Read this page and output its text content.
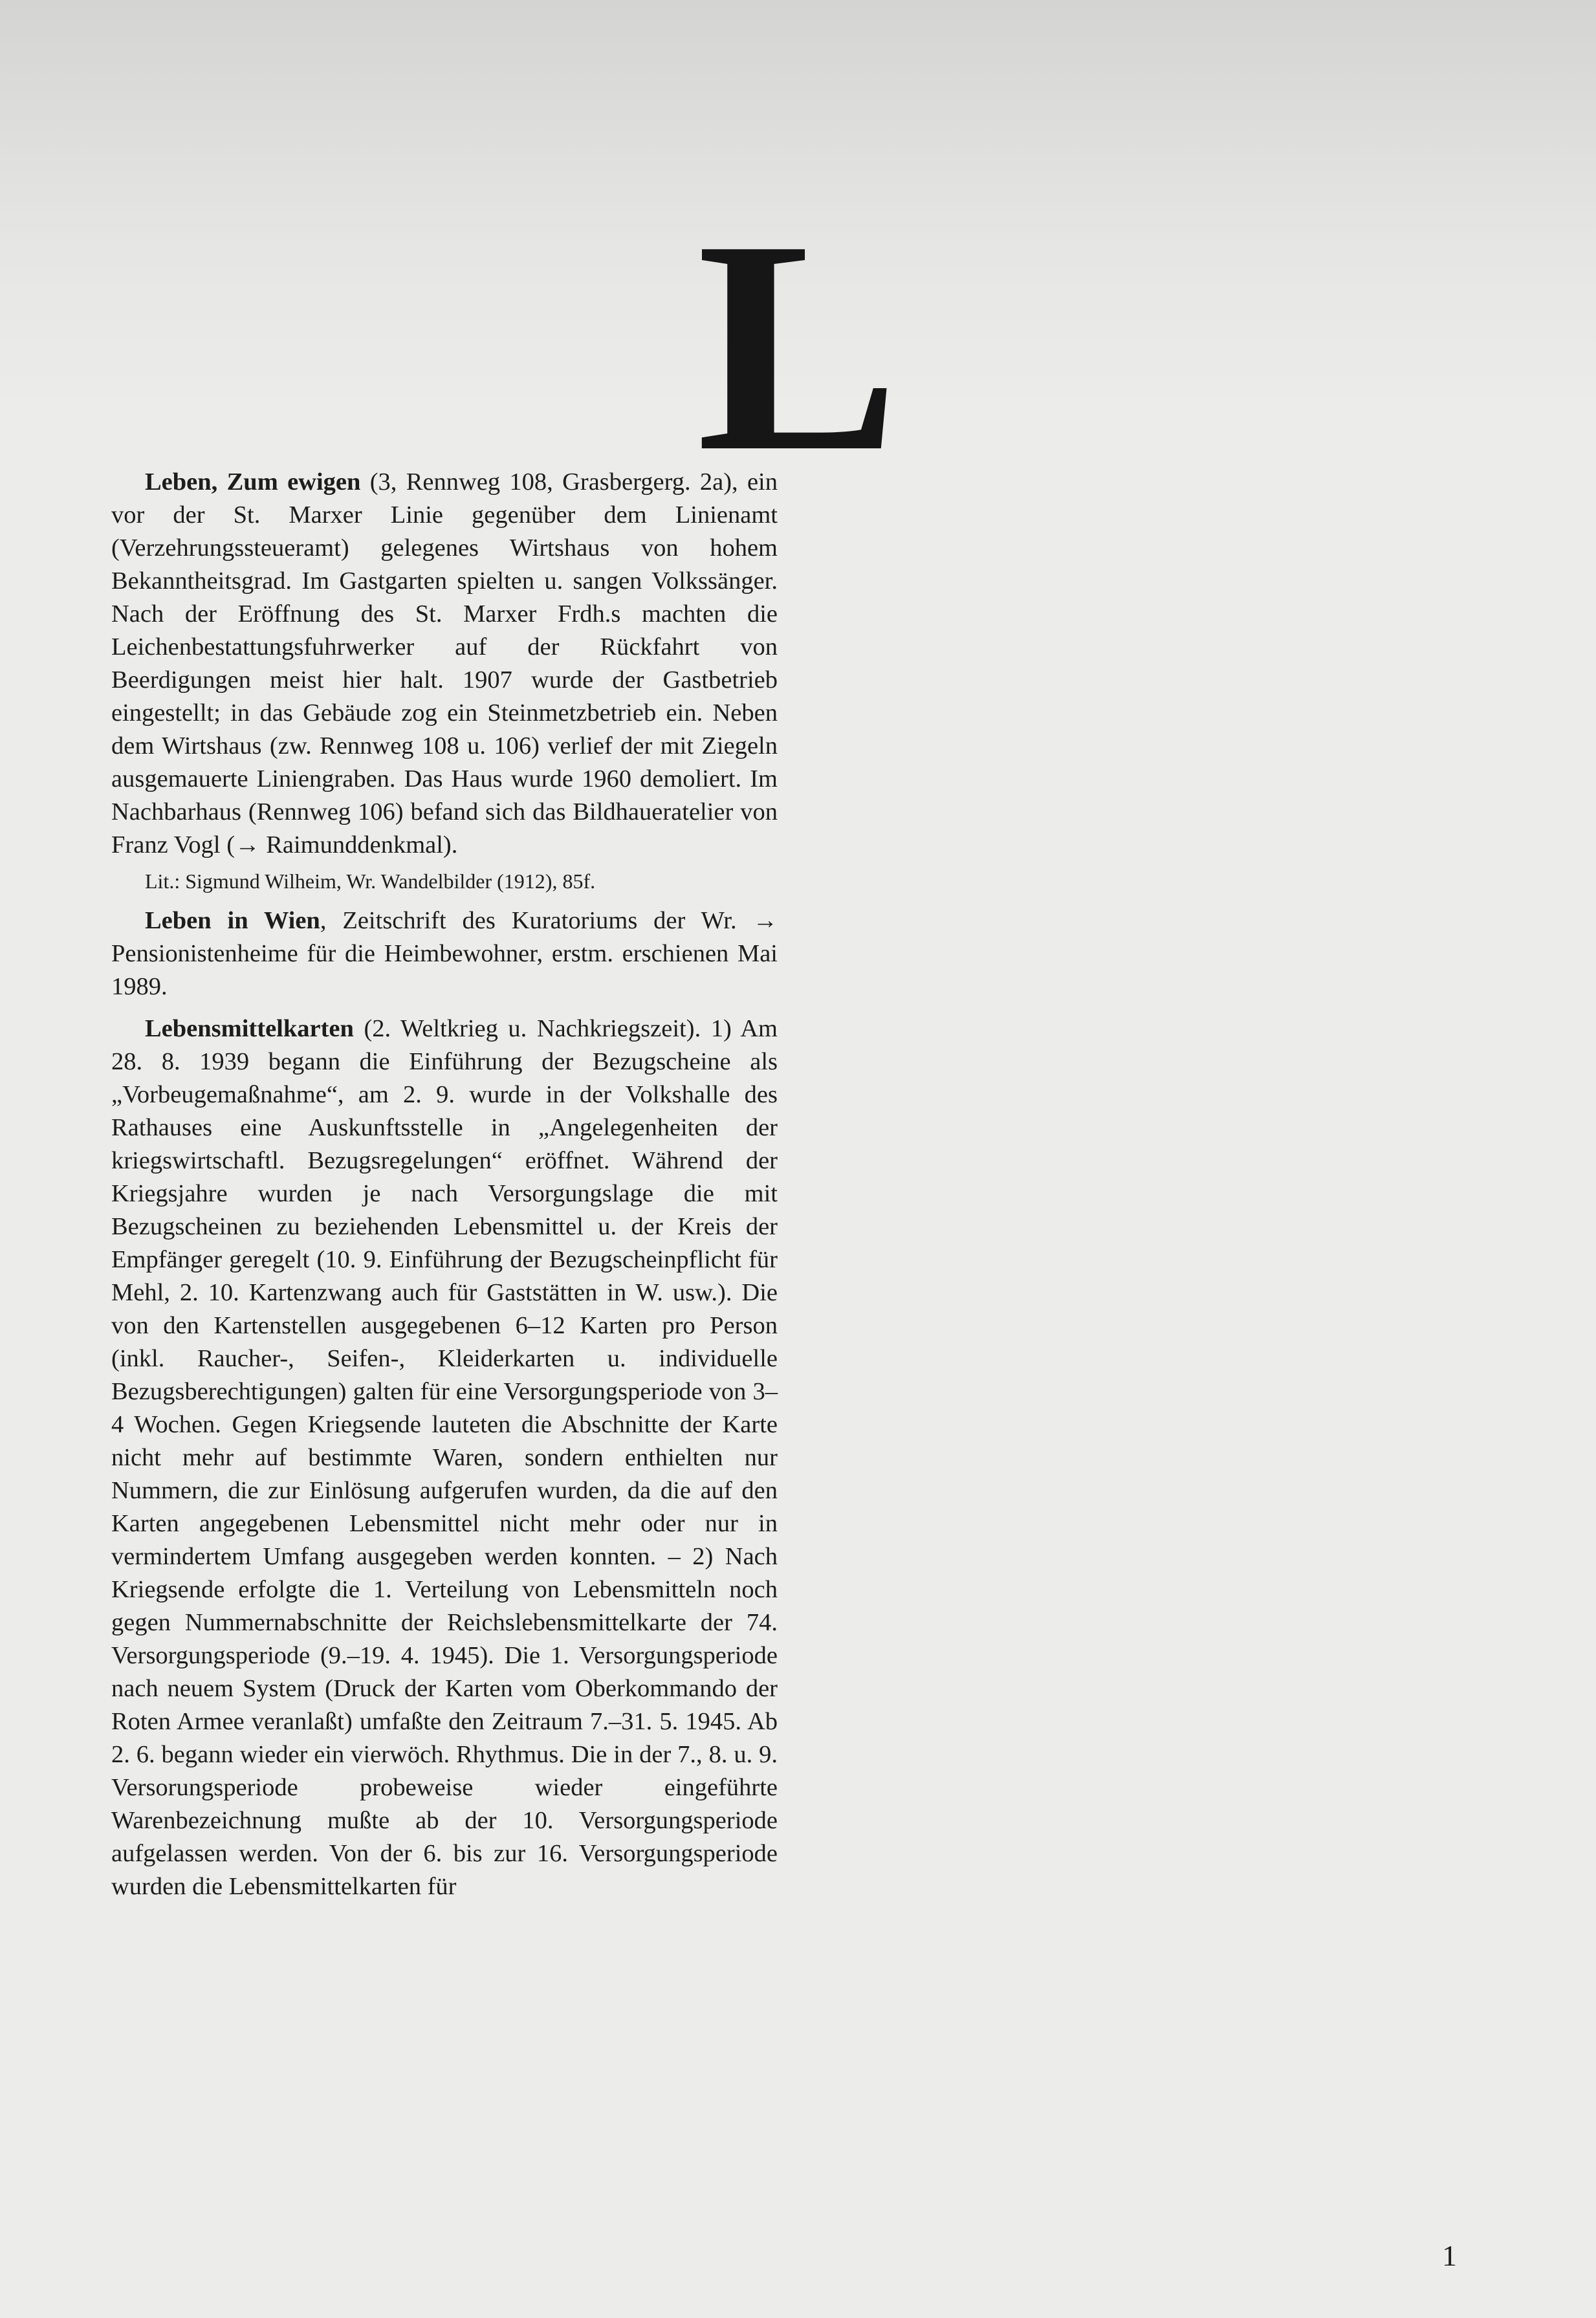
L

Leben, Zum ewigen (3, Rennweg 108, Grasbergerg. 2a), ein vor der St. Marxer Linie gegenüber dem Linienamt (Verzehrungssteueramt) gelegenes Wirtshaus von hohem Bekanntheitsgrad. Im Gastgarten spielten u. sangen Volkssänger. Nach der Eröffnung des St. Marxer Frdh.s machten die Leichenbestattungsfuhrwerker auf der Rückfahrt von Beerdigungen meist hier halt. 1907 wurde der Gastbetrieb eingestellt; in das Gebäude zog ein Steinmetzbetrieb ein. Neben dem Wirtshaus (zw. Rennweg 108 u. 106) verlief der mit Ziegeln ausgemauerte Liniengraben. Das Haus wurde 1960 demoliert. Im Nachbarhaus (Rennweg 106) befand sich das Bildhaueratelier von Franz Vogl (→ Raimunddenkmal).

Lit.: Sigmund Wilheim, Wr. Wandelbilder (1912), 85f.

Leben in Wien, Zeitschrift des Kuratoriums der Wr. → Pensionistenheime für die Heimbewohner, erstm. erschienen Mai 1989.

Lebensmittelkarten (2. Weltkrieg u. Nachkriegszeit). 1) Am 28. 8. 1939 begann die Einführung der Bezugscheine als „Vorbeugemaßnahme“, am 2. 9. wurde in der Volkshalle des Rathauses eine Auskunftsstelle in „Angelegenheiten der kriegswirtschaftl. Bezugsregelungen“ eröffnet. Während der Kriegsjahre wurden je nach Versorgungslage die mit Bezugscheinen zu beziehenden Lebensmittel u. der Kreis der Empfänger geregelt (10. 9. Einführung der Bezugscheinpflicht für Mehl, 2. 10. Kartenzwang auch für Gaststätten in W. usw.). Die von den Kartenstellen ausgegebenen 6–12 Karten pro Person (inkl. Raucher-, Seifen-, Kleiderkarten u. individuelle Bezugsberechtigungen) galten für eine Versorgungsperiode von 3–4 Wochen. Gegen Kriegsende lauteten die Abschnitte der Karte nicht mehr auf bestimmte Waren, sondern enthielten nur Nummern, die zur Einlösung aufgerufen wurden, da die auf den Karten angegebenen Lebensmittel nicht mehr oder nur in vermindertem Umfang ausgegeben werden konnten. – 2) Nach Kriegsende erfolgte die 1. Verteilung von Lebensmitteln noch gegen Nummernabschnitte der Reichslebensmittelkarte der 74. Versorgungsperiode (9.–19. 4. 1945). Die 1. Versorgungsperiode nach neuem System (Druck der Karten vom Oberkommando der Roten Armee veranlaßt) umfaßte den Zeitraum 7.–31. 5. 1945. Ab 2. 6. begann wieder ein vierwöch. Rhythmus. Die in der 7., 8. u. 9. Versorungsperiode probeweise wieder eingeführte Warenbezeichnung mußte ab der 10. Versorgungsperiode aufgelassen werden. Von der 6. bis zur 16. Versorgungsperiode wurden die Lebensmittelkarten für

1
